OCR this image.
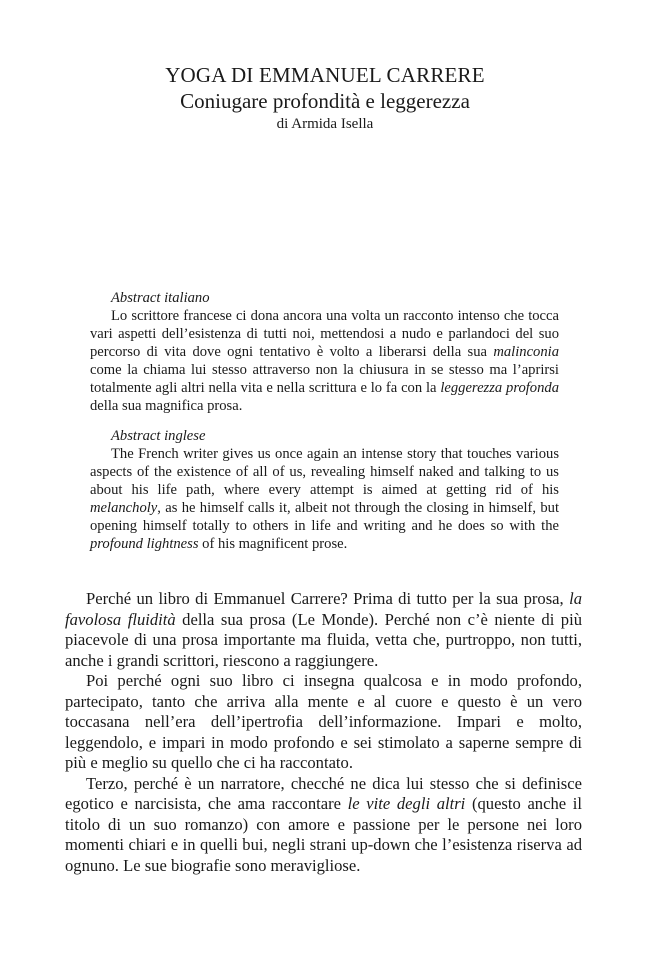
YOGA DI EMMANUEL CARRERE
Coniugare profondità e leggerezza
di Armida Isella
Abstract italiano
Lo scrittore francese ci dona ancora una volta un racconto intenso che tocca vari aspetti dell’esistenza di tutti noi, mettendosi a nudo e parlandoci del suo percorso di vita dove ogni tentativo è volto a liberarsi della sua malinconia come la chiama lui stesso attraverso non la chiusura in se stesso ma l’aprirsi totalmente agli altri nella vita e nella scrittura e lo fa con la leggerezza profonda della sua magnifica prosa.
Abstract inglese
The French writer gives us once again an intense story that touches various aspects of the existence of all of us, revealing himself naked and talking to us about his life path, where every attempt is aimed at getting rid of his melancholy, as he himself calls it, albeit not through the closing in himself, but opening himself totally to others in life and writing and he does so with the profound lightness of his magnificent prose.

Perché un libro di Emmanuel Carrere? Prima di tutto per la sua prosa, la favolosa fluidità della sua prosa (Le Monde). Perché non c’è niente di più piacevole di una prosa importante ma fluida, vetta che, purtroppo, non tutti, anche i grandi scrittori, riescono a raggiungere.

Poi perché ogni suo libro ci insegna qualcosa e in modo profondo, partecipato, tanto che arriva alla mente e al cuore e questo è un vero toccasana nell’era dell’ipertrofia dell’informazione. Impari e molto, leggendolo, e impari in modo profondo e sei stimolato a saperne sempre di più e meglio su quello che ci ha raccontato.

Terzo, perché è un narratore, checché ne dica lui stesso che si definisce egotico e narcisista, che ama raccontare le vite degli altri (questo anche il titolo di un suo romanzo) con amore e passione per le persone nei loro momenti chiari e in quelli bui, negli strani up-down che l’esistenza riserva ad ognuno. Le sue biografie sono meravigliose.
